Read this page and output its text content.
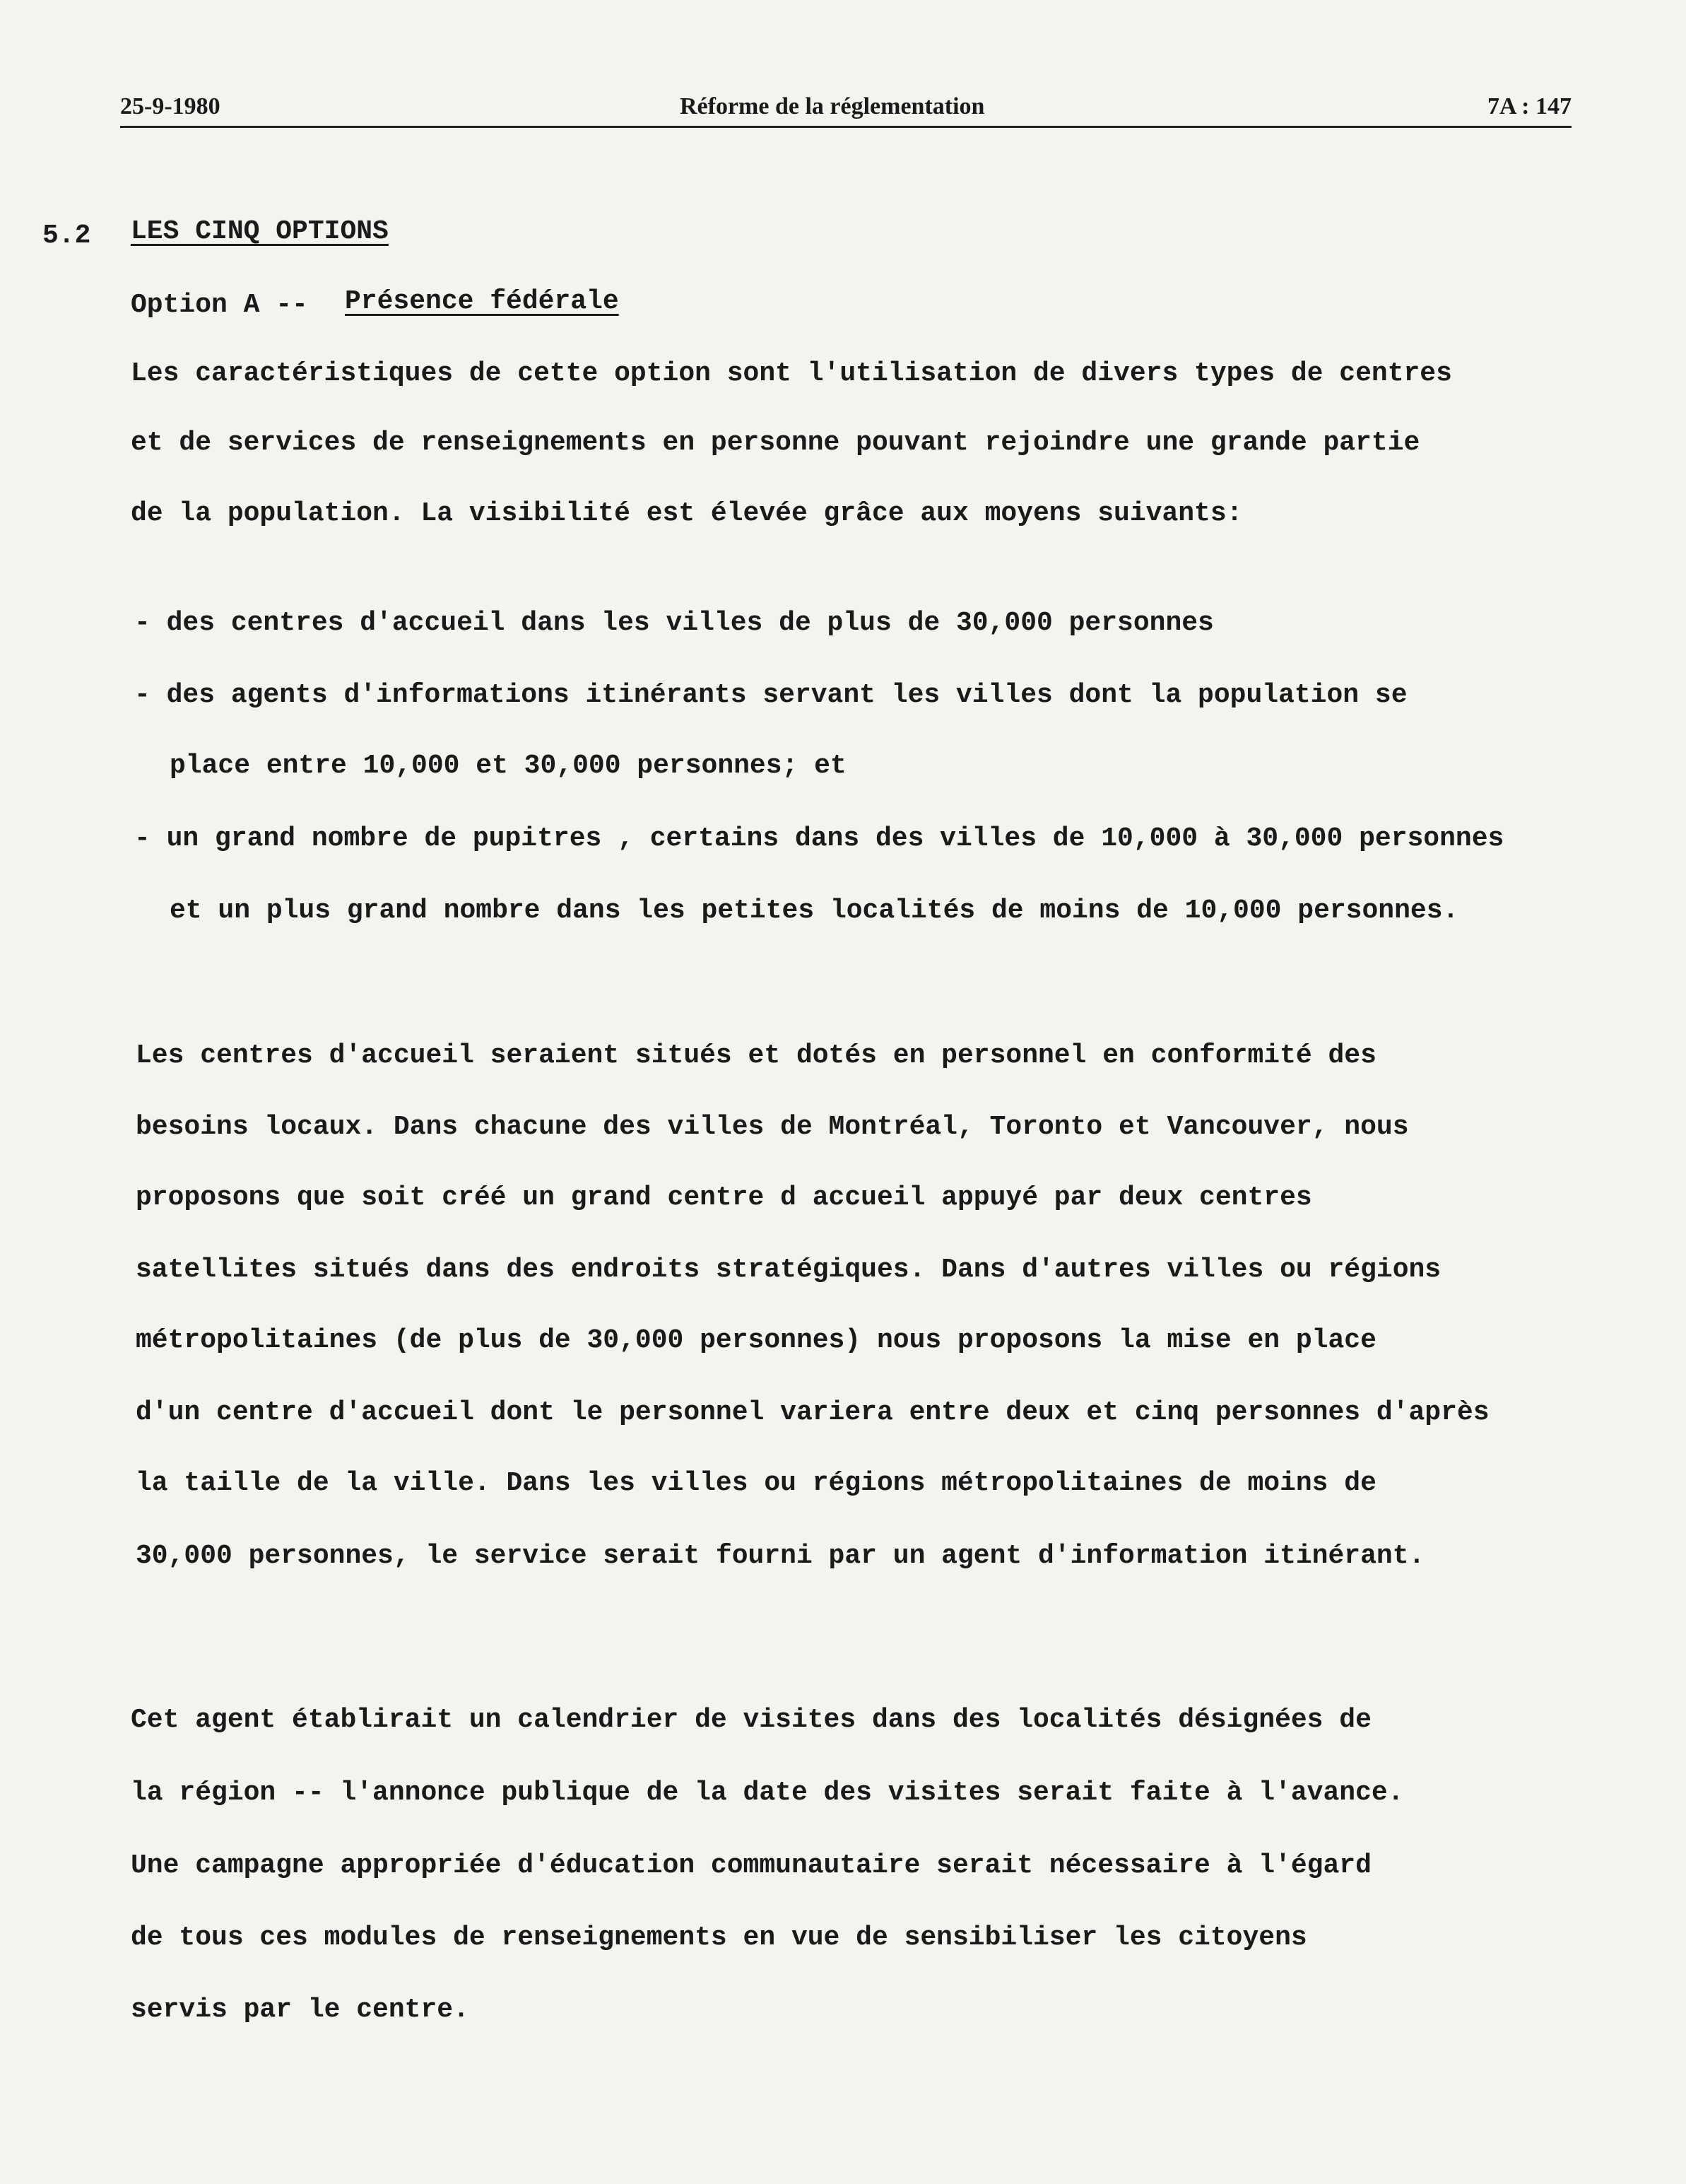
25-9-1980	Réforme de la réglementation	7A : 147
5.2 LES CINQ OPTIONS
Option A -- Présence fédérale
Les caractéristiques de cette option sont l'utilisation de divers types de centres
et de services de renseignements en personne pouvant rejoindre une grande partie
de la population. La visibilité est élevée grâce aux moyens suivants:
- des centres d'accueil dans les villes de plus de 30,000 personnes
- des agents d'informations itinérants servant les villes dont la population se
place entre 10,000 et 30,000 personnes; et
- un grand nombre de pupitres , certains dans des villes de 10,000 à 30,000 personnes
et un plus grand nombre dans les petites localités de moins de 10,000 personnes.
Les centres d'accueil seraient situés et dotés en personnel en conformité des
besoins locaux. Dans chacune des villes de Montréal, Toronto et Vancouver, nous
proposons que soit créé un grand centre d accueil appuyé par deux centres
satellites situés dans des endroits stratégiques. Dans d'autres villes ou régions
métropolitaines (de plus de 30,000 personnes) nous proposons la mise en place
d'un centre d'accueil dont le personnel variera entre deux et cinq personnes d'après
la taille de la ville. Dans les villes ou régions métropolitaines de moins de
30,000 personnes, le service serait fourni par un agent d'information itinérant.
Cet agent établirait un calendrier de visites dans des localités désignées de
la région -- l'annonce publique de la date des visites serait faite à l'avance.
Une campagne appropriée d'éducation communautaire serait nécessaire à l'égard
de tous ces modules de renseignements en vue de sensibiliser les citoyens
servis par le centre.
